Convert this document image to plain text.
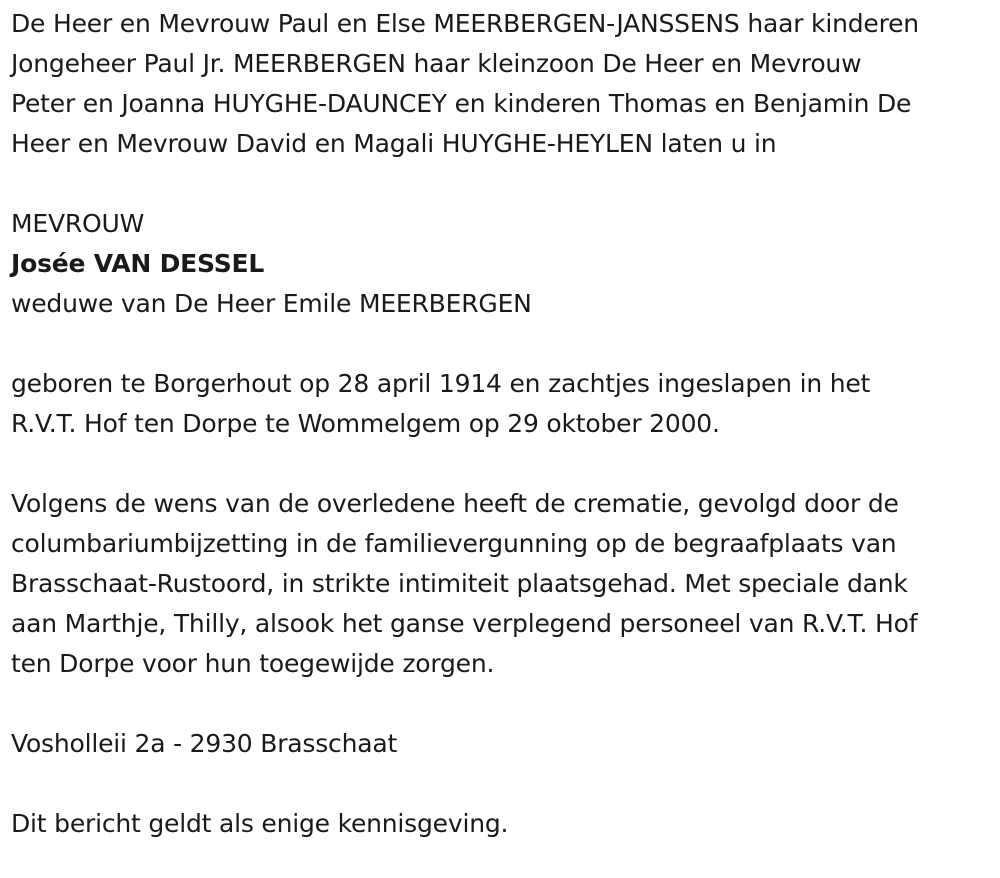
De Heer en Mevrouw Paul en Else MEERBERGEN-JANSSENS haar kinderen
Jongeheer Paul Jr. MEERBERGEN haar kleinzoon De Heer en Mevrouw
Peter en Joanna HUYGHE-DAUNCEY en kinderen Thomas en Benjamin De
Heer en Mevrouw David en Magali HUYGHE-HEYLEN laten u in

MEVROUW
Josée VAN DESSEL
weduwe van De Heer Emile MEERBERGEN

geboren te Borgerhout op 28 april 1914 en zachtjes ingeslapen in het
R.V.T. Hof ten Dorpe te Wommelgem op 29 oktober 2000.

Volgens de wens van de overledene heeft de crematie, gevolgd door de
columbariumbijzetting in de familievergunning op de begraafplaats van
Brasschaat-Rustoord, in strikte intimiteit plaatsgehad. Met speciale dank
aan Marthje, Thilly, alsook het ganse verplegend personeel van R.V.T. Hof
ten Dorpe voor hun toegewijde zorgen.

Vosholleii 2a - 2930 Brasschaat

Dit bericht geldt als enige kennisgeving.
